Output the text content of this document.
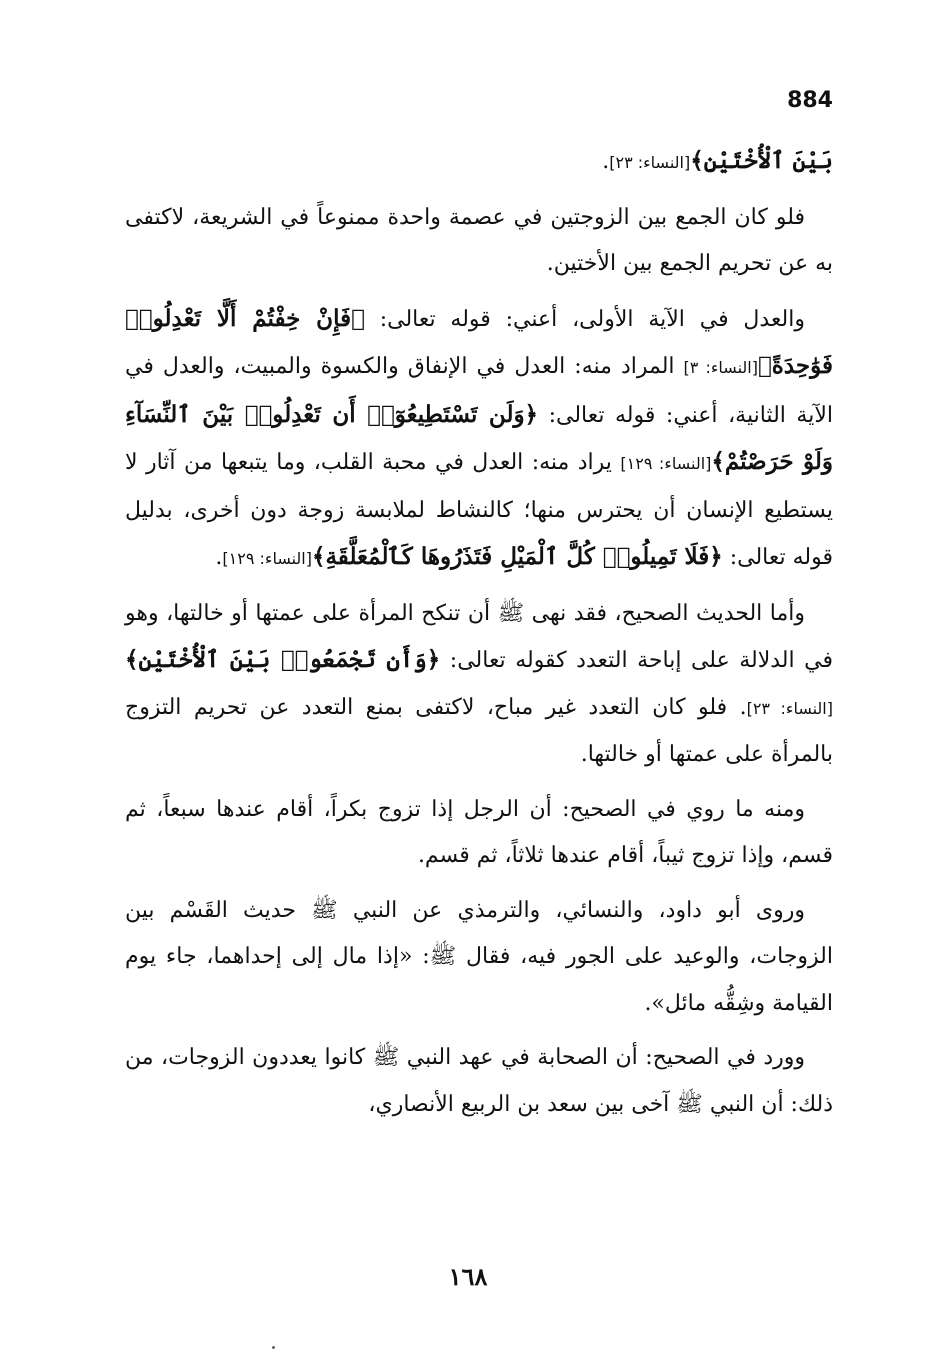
884

بَيْنَ ٱلْأُخْتَيْنِ﴾[النساء: ٢٣].

فلو كان الجمع بين الزوجتين في عصمة واحدة ممنوعاً في الشريعة، لاكتفى به عن تحريم الجمع بين الأختين.

والعدل في الآية الأولى، أعني: قوله تعالى: ﴿فَإِنْ خِفْتُمْ أَلَّا تَعْدِلُوا۟ فَوَٰحِدَةً﴾[النساء: ٣] المراد منه: العدل في الإنفاق والكسوة والمبيت، والعدل في الآية الثانية، أعني: قوله تعالى: ﴿وَلَن تَسْتَطِيعُوٓا۟ أَن تَعْدِلُوا۟ بَيْنَ ٱلنِّسَآءِ وَلَوْ حَرَصْتُمْ﴾[النساء: ١٢٩] يراد منه: العدل في محبة القلب، وما يتبعها من آثار لا يستطيع الإنسان أن يحترس منها؛ كالنشاط لملابسة زوجة دون أخرى، بدليل قوله تعالى: ﴿فَلَا تَمِيلُوا۟ كُلَّ ٱلْمَيْلِ فَتَذَرُوهَا كَٱلْمُعَلَّقَةِ﴾[النساء: ١٢٩].

وأما الحديث الصحيح، فقد نهى ﷺ أن تنكح المرأة على عمتها أو خالتها، وهو في الدلالة على إباحة التعدد كقوله تعالى: ﴿وَأَن تَجْمَعُوا۟ بَيْنَ ٱلْأُخْتَيْنِ﴾[النساء: ٢٣]. فلو كان التعدد غير مباح، لاكتفى بمنع التعدد عن تحريم التزوج بالمرأة على عمتها أو خالتها.

ومنه ما روي في الصحيح: أن الرجل إذا تزوج بكراً، أقام عندها سبعاً، ثم قسم، وإذا تزوج ثيباً، أقام عندها ثلاثاً، ثم قسم.

وروى أبو داود، والنسائي، والترمذي عن النبي ﷺ حديث القَسْم بين الزوجات، والوعيد على الجور فيه، فقال ﷺ: «إذا مال إلى إحداهما، جاء يوم القيامة وشِقُّه مائل».

وورد في الصحيح: أن الصحابة في عهد النبي ﷺ كانوا يعددون الزوجات، من ذلك: أن النبي ﷺ آخى بين سعد بن الربيع الأنصاري،

١٦٨
